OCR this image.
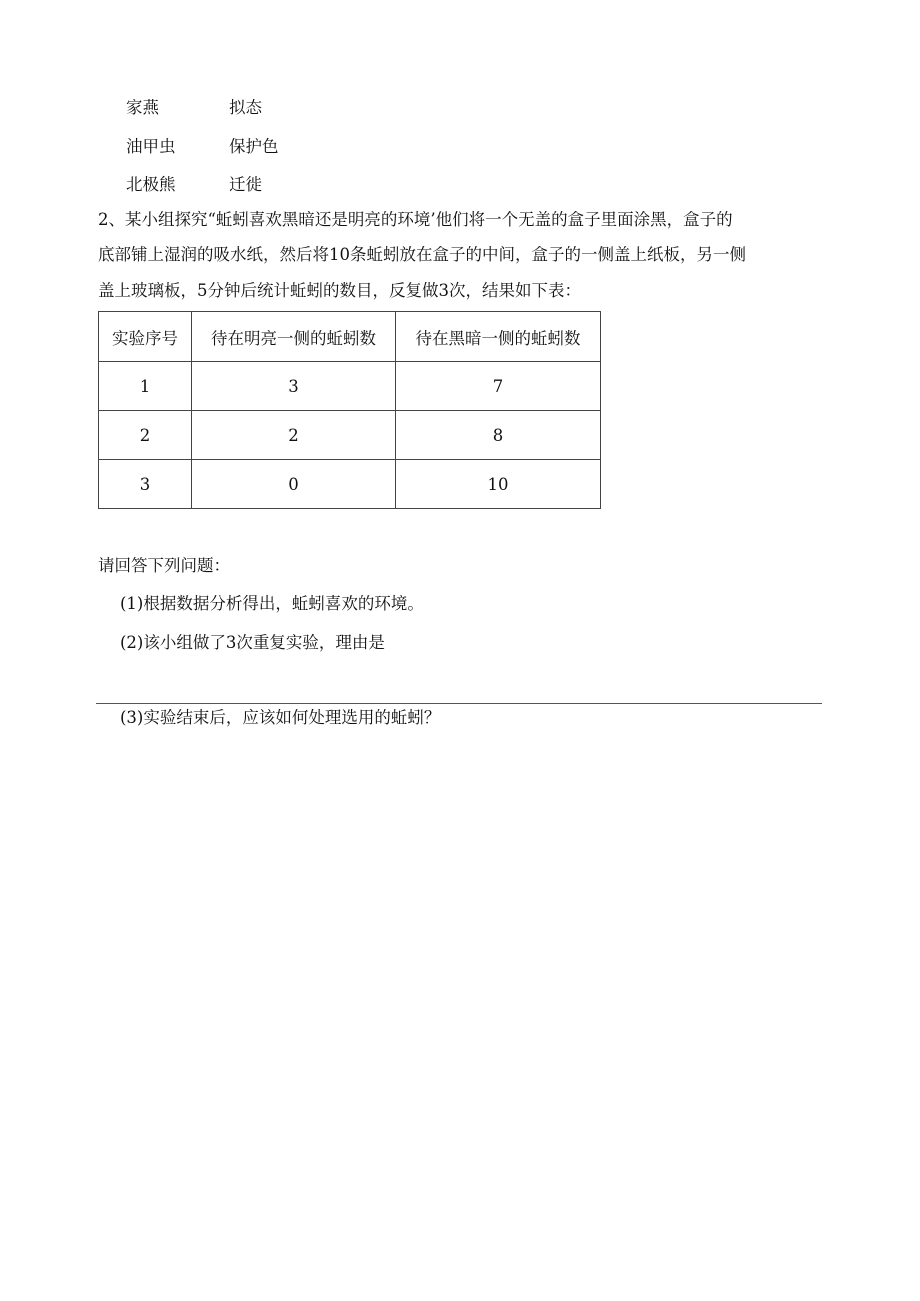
家燕	拟态
油甲虫	保护色
北极熊	迁徙
2、某小组探究“蚯蚓喜欢黑暗还是明亮的环境’他们将一个无盖的盒子里面涂黑，盒子的
底部铺上湿润的吸水纸，然后将10条蚯蚓放在盒子的中间，盒子的一侧盖上纸板，另一侧
盖上玻璃板，5分钟后统计蚯蚓的数目，反复做3次，结果如下表：
实验序号	待在明亮一侧的蚯蚓数	待在黑暗一侧的蚯蚓数
1	3	7
2	2	8
3	0	10
请回答下列问题：
(1)根据数据分析得出，蚯蚓喜欢的环境。
(2)该小组做了3次重复实验，理由是
(3)实验结束后，应该如何处理选用的蚯蚓？
